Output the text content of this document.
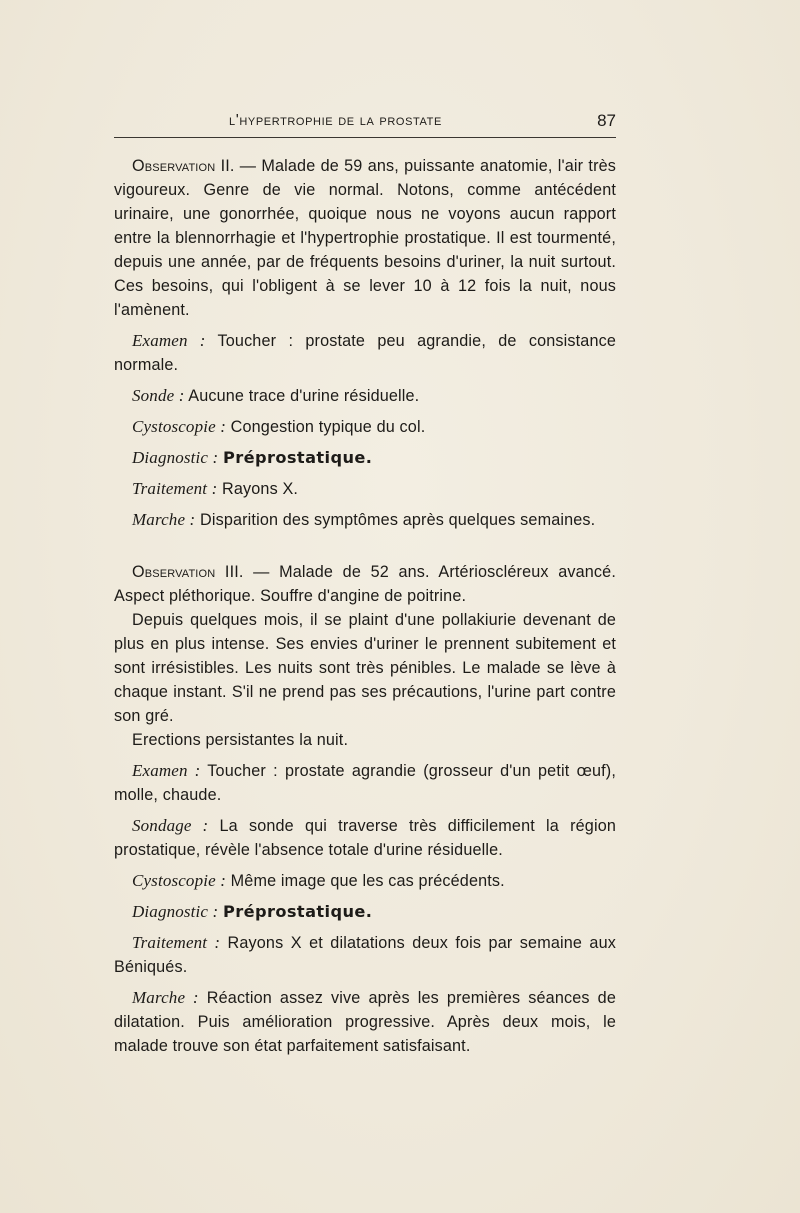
l'hypertrophie de la prostate	87

Observation II. — Malade de 59 ans, puissante anatomie, l'air très vigoureux. Genre de vie normal. Notons, comme antécédent urinaire, une gonorrhée, quoique nous ne voyons aucun rapport entre la blennorrhagie et l'hypertrophie prostatique. Il est tourmenté, depuis une année, par de fréquents besoins d'uriner, la nuit surtout. Ces besoins, qui l'obligent à se lever 10 à 12 fois la nuit, nous l'amènent.

Examen : Toucher : prostate peu agrandie, de consistance normale.

Sonde : Aucune trace d'urine résiduelle.

Cystoscopie : Congestion typique du col.

Diagnostic : Préprostatique.

Traitement : Rayons X.

Marche : Disparition des symptômes après quelques semaines.

Observation III. — Malade de 52 ans. Artérioscléreux avancé. Aspect pléthorique. Souffre d'angine de poitrine.

Depuis quelques mois, il se plaint d'une pollakiurie devenant de plus en plus intense. Ses envies d'uriner le prennent subitement et sont irrésistibles. Les nuits sont très pénibles. Le malade se lève à chaque instant. S'il ne prend pas ses précautions, l'urine part contre son gré.

Erections persistantes la nuit.

Examen : Toucher : prostate agrandie (grosseur d'un petit œuf), molle, chaude.

Sondage : La sonde qui traverse très difficilement la région prostatique, révèle l'absence totale d'urine résiduelle.

Cystoscopie : Même image que les cas précédents.

Diagnostic : Préprostatique.

Traitement : Rayons X et dilatations deux fois par semaine aux Béniqués.

Marche : Réaction assez vive après les premières séances de dilatation. Puis amélioration progressive. Après deux mois, le malade trouve son état parfaitement satisfaisant.
